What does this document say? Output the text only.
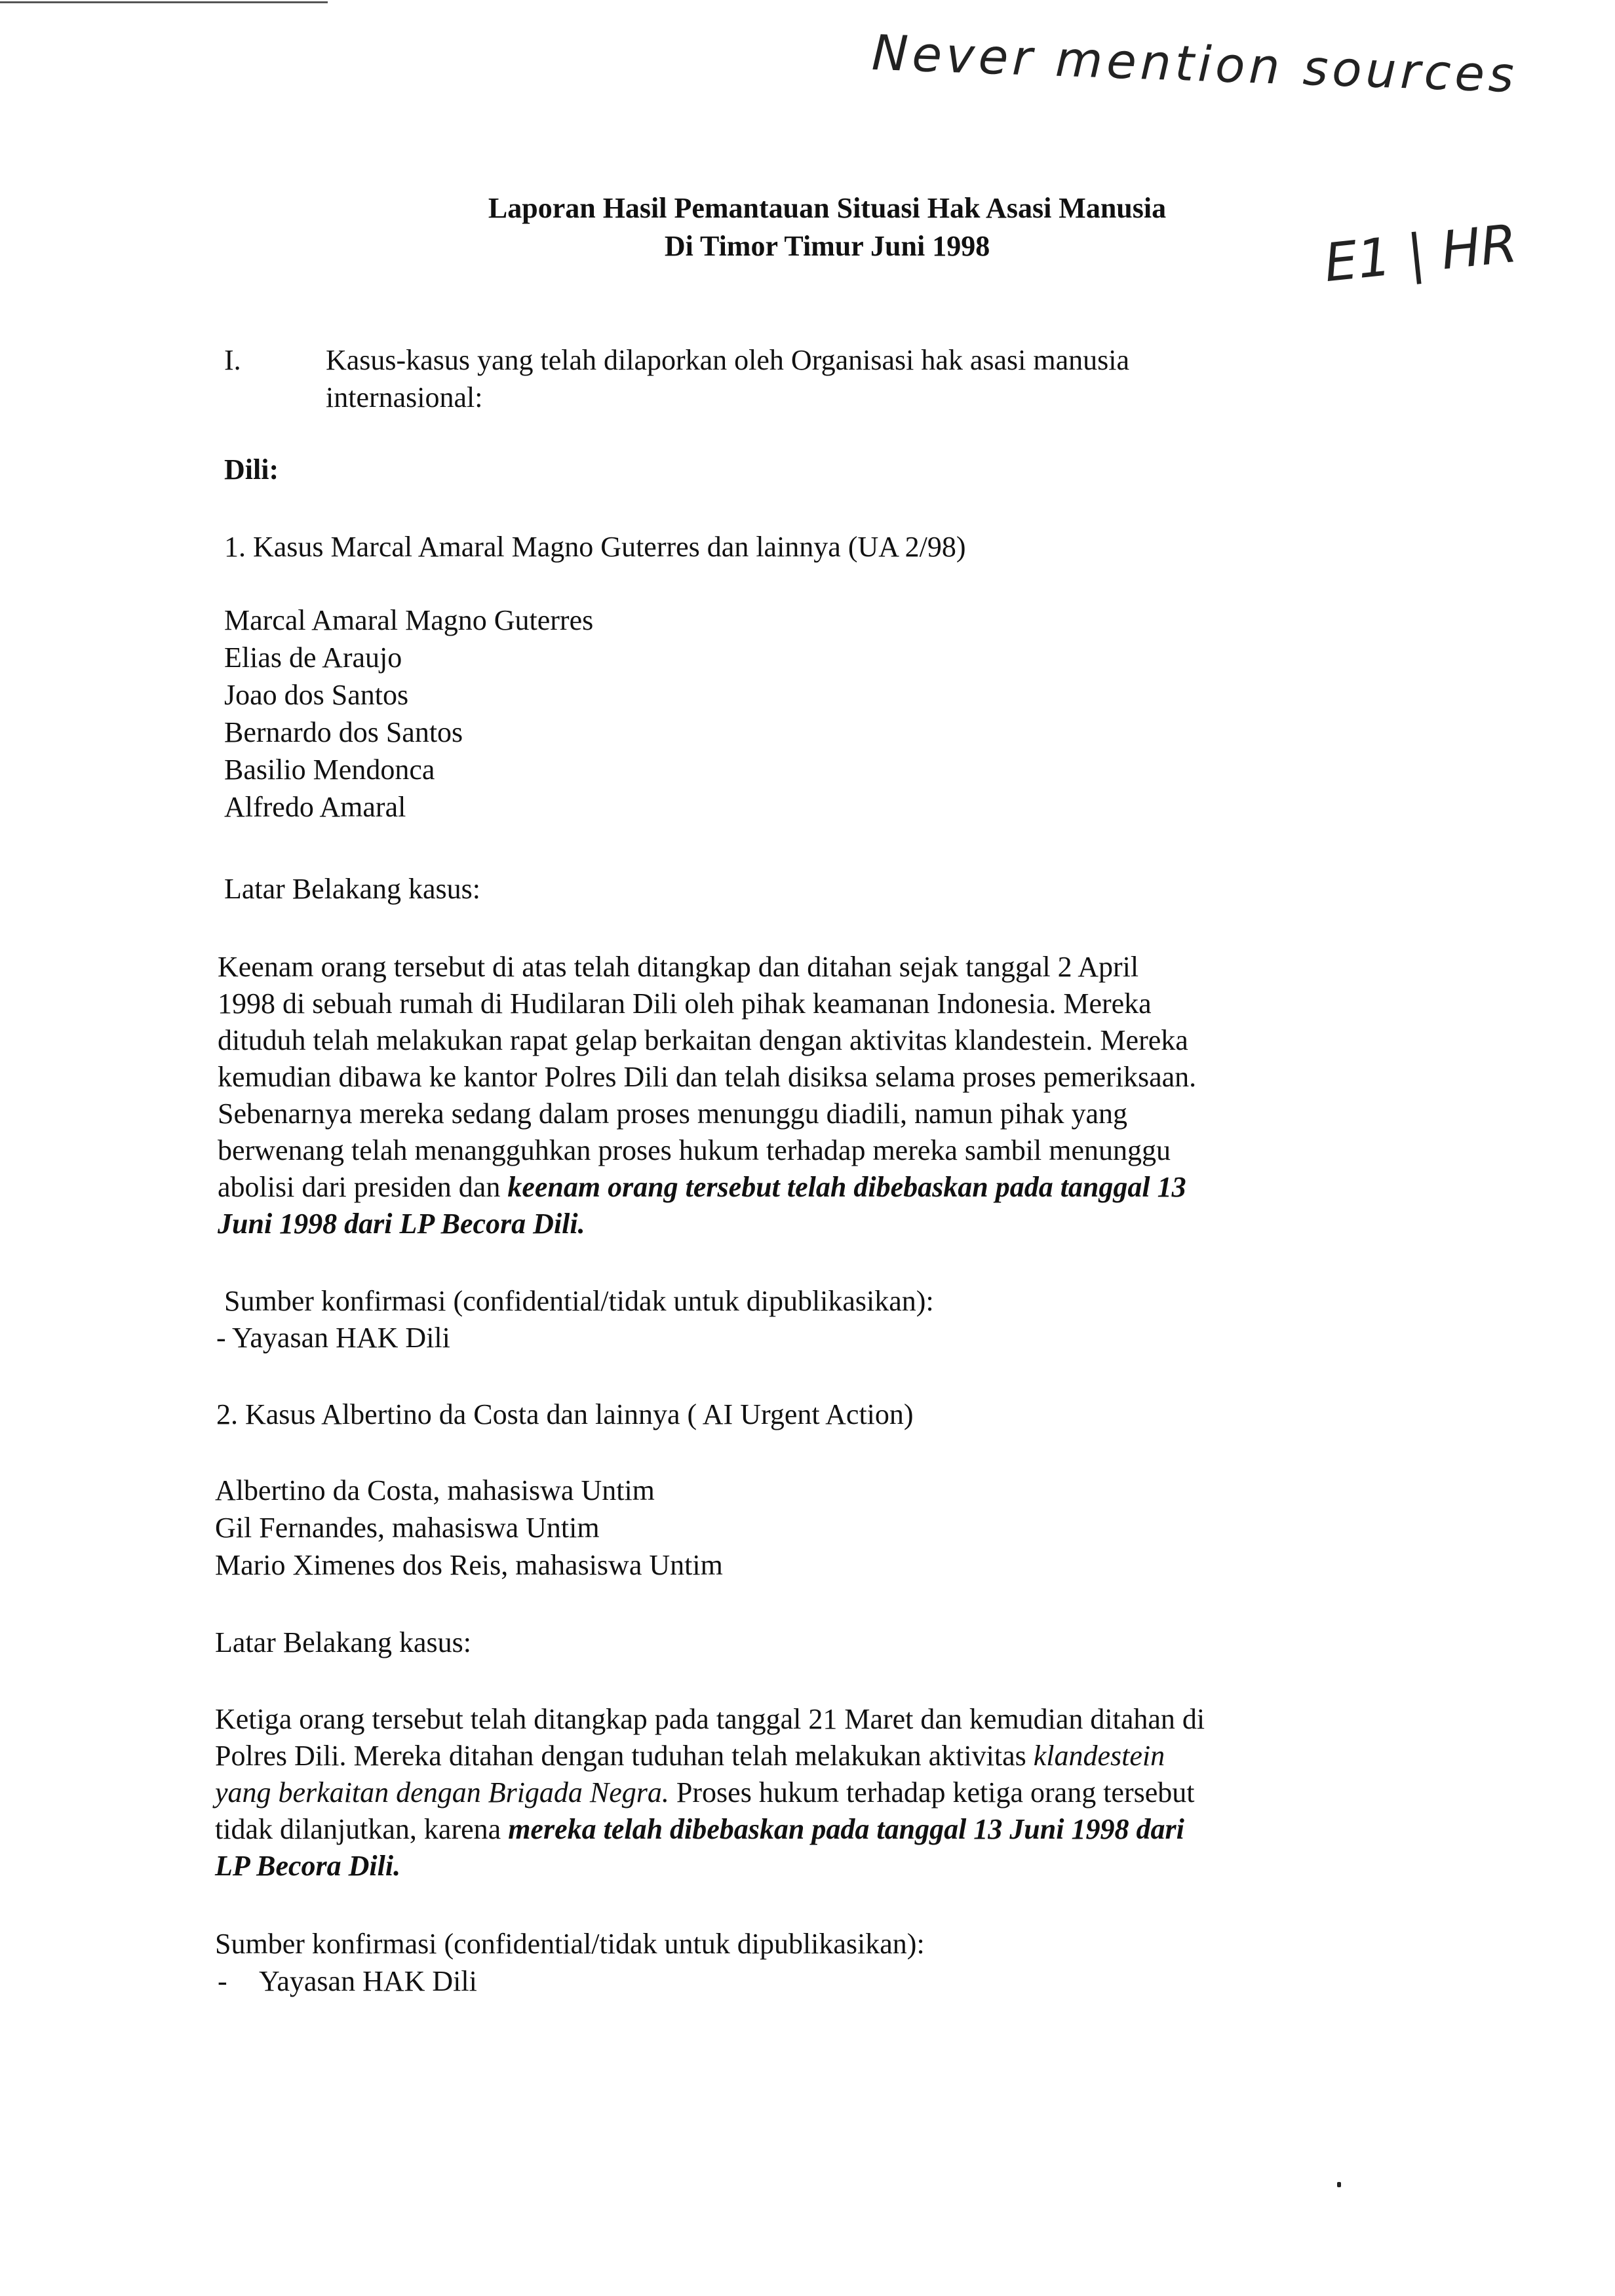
Never mention sources
E1 | HR
Laporan Hasil Pemantauan Situasi Hak Asasi Manusia
Di Timor Timur Juni 1998
I.	Kasus-kasus yang telah dilaporkan oleh Organisasi hak asasi manusia
internasional:
Dili:
1. Kasus Marcal Amaral Magno Guterres dan lainnya (UA 2/98)
Marcal Amaral Magno Guterres
Elias de Araujo
Joao dos Santos
Bernardo dos Santos
Basilio Mendonca
Alfredo Amaral
Latar Belakang kasus:
Keenam orang tersebut di atas telah ditangkap dan ditahan sejak tanggal 2 April
1998 di sebuah rumah di Hudilaran Dili oleh pihak keamanan Indonesia. Mereka
dituduh telah melakukan rapat gelap berkaitan dengan aktivitas klandestein. Mereka
kemudian dibawa ke kantor Polres Dili dan telah disiksa selama proses pemeriksaan.
Sebenarnya mereka sedang dalam proses menunggu diadili, namun pihak yang
berwenang telah menangguhkan proses hukum terhadap mereka sambil menunggu
abolisi dari presiden dan keenam orang tersebut telah dibebaskan pada tanggal 13
Juni 1998 dari LP Becora Dili.
Sumber konfirmasi (confidential/tidak untuk dipublikasikan):
- Yayasan HAK Dili
2. Kasus Albertino da Costa dan lainnya ( AI Urgent Action)
Albertino da Costa, mahasiswa Untim
Gil Fernandes, mahasiswa Untim
Mario Ximenes dos Reis, mahasiswa Untim
Latar Belakang kasus:
Ketiga orang tersebut telah ditangkap pada tanggal 21 Maret dan kemudian ditahan di
Polres Dili. Mereka ditahan dengan tuduhan telah melakukan aktivitas klandestein
yang berkaitan dengan Brigada Negra. Proses hukum terhadap ketiga orang tersebut
tidak dilanjutkan, karena mereka telah dibebaskan pada tanggal 13 Juni 1998 dari
LP Becora Dili.
Sumber konfirmasi (confidential/tidak untuk dipublikasikan):
- Yayasan HAK Dili
